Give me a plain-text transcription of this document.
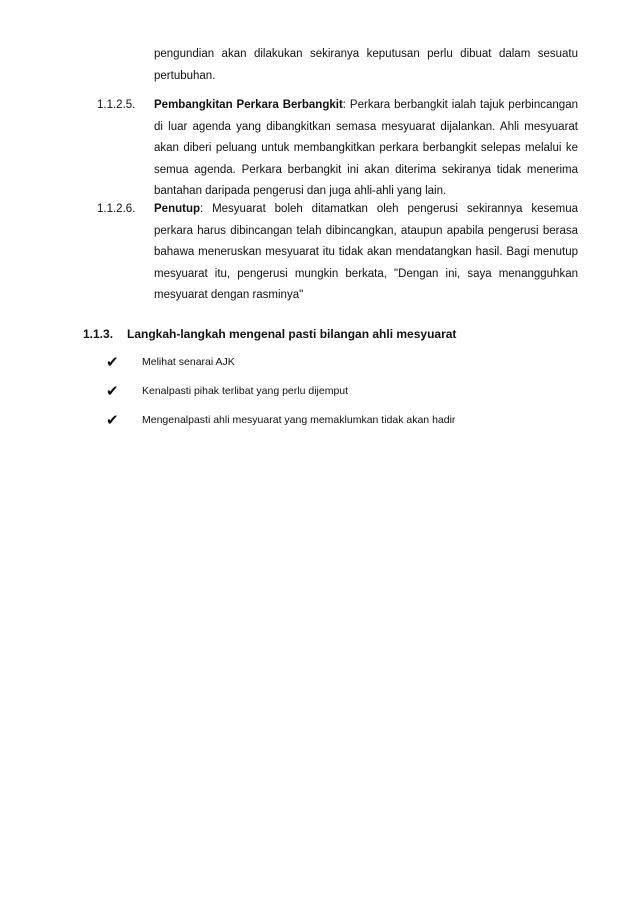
pengundian akan dilakukan sekiranya keputusan perlu dibuat dalam sesuatu pertubuhan.

1.1.2.5. Pembangkitan Perkara Berbangkit: Perkara berbangkit ialah tajuk perbincangan di luar agenda yang dibangkitkan semasa mesyuarat dijalankan. Ahli mesyuarat akan diberi peluang untuk membangkitkan perkara berbangkit selepas melalui ke semua agenda. Perkara berbangkit ini akan diterima sekiranya tidak menerima bantahan daripada pengerusi dan juga ahli-ahli yang lain.

1.1.2.6. Penutup: Mesyuarat boleh ditamatkan oleh pengerusi sekirannya kesemua perkara harus dibincangan telah dibincangkan, ataupun apabila pengerusi berasa bahawa meneruskan mesyuarat itu tidak akan mendatangkan hasil. Bagi menutup mesyuarat itu, pengerusi mungkin berkata, "Dengan ini, saya menangguhkan mesyuarat dengan rasminya"

1.1.3. Langkah-langkah mengenal pasti bilangan ahli mesyuarat
✔ Melihat senarai AJK
✔ Kenalpasti pihak terlibat yang perlu dijemput
✔ Mengenalpasti ahli mesyuarat yang memaklumkan tidak akan hadir
